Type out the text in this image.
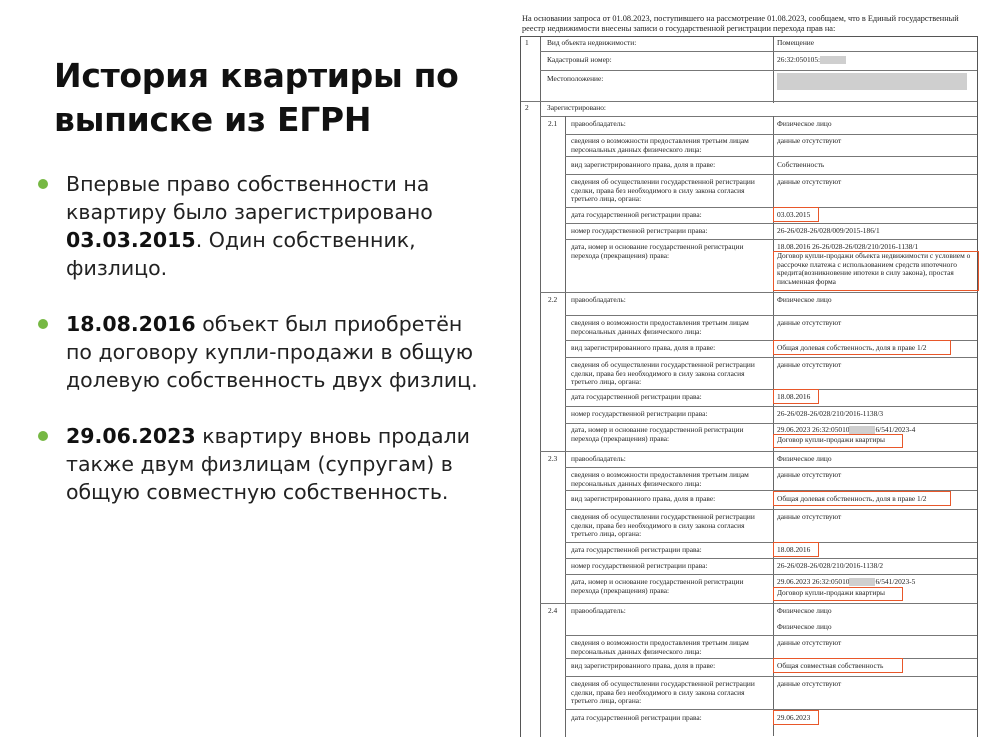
История квартиры по выписке из ЕГРН
Впервые право собственности на квартиру было зарегистрировано 03.03.2015. Один собственник, физлицо.
18.08.2016 объект был приобретён по договору купли-продажи в общую долевую собственность двух физлиц.
29.06.2023 квартиру вновь продали также двум физлицам (супругам) в общую совместную собственность.
На основании запроса от 01.08.2023, поступившего на рассмотрение 01.08.2023, сообщаем, что в Единый государственный реестр недвижимости внесены записи о государственной регистрации перехода прав на:
1 Вид объекта недвижимости:	Помещение
Кадастровый номер:	26:32:050105:
Местоположение:
2 Зарегистрировано:
2.1 правообладатель:	Физическое лицо
сведения о возможности предоставления третьим лицам персональных данных физического лица:
данные отсутствуют
вид зарегистрированного права, доля в праве:	Собственность
сведения об осуществлении государственной регистрации сделки, права без необходимого в силу закона согласия третьего лица, органа:
данные отсутствуют
дата государственной регистрации права:	03.03.2015
номер государственной регистрации права:	26-26/028-26/028/009/2015-186/1
дата, номер и основание государственной регистрации перехода (прекращения) права:
18.08.2016 26-26/028-26/028/210/2016-1138/1
Договор купли-продажи объекта недвижимости с условием о рассрочке платежа с использованием средств ипотечного кредита(возникновение ипотеки в силу закона), простая письменная форма
2.2 правообладатель:	Физическое лицо
сведения о возможности предоставления третьим лицам персональных данных физического лица:
данные отсутствуют
вид зарегистрированного права, доля в праве:	Общая долевая собственность, доля в праве 1/2
сведения об осуществлении государственной регистрации сделки, права без необходимого в силу закона согласия третьего лица, органа:
данные отсутствуют
дата государственной регистрации права:	18.08.2016
номер государственной регистрации права:	26-26/028-26/028/210/2016-1138/3
дата, номер и основание государственной регистрации перехода (прекращения) права:
29.06.2023 26:32:05010	6/541/2023-4
Договор купли-продажи квартиры
2.3 правообладатель:	Физическое лицо
сведения о возможности предоставления третьим лицам персональных данных физического лица:
данные отсутствуют
вид зарегистрированного права, доля в праве:	Общая долевая собственность, доля в праве 1/2
сведения об осуществлении государственной регистрации сделки, права без необходимого в силу закона согласия третьего лица, органа:
данные отсутствуют
дата государственной регистрации права:	18.08.2016
номер государственной регистрации права:	26-26/028-26/028/210/2016-1138/2
дата, номер и основание государственной регистрации перехода (прекращения) права:
29.06.2023 26:32:05010	6/541/2023-5
Договор купли-продажи квартиры
2.4 правообладатель:	Физическое лицо
Физическое лицо
сведения о возможности предоставления третьим лицам персональных данных физического лица:
данные отсутствуют
вид зарегистрированного права, доля в праве:	Общая совместная собственность
сведения об осуществлении государственной регистрации сделки, права без необходимого в силу закона согласия третьего лица, органа:
данные отсутствуют
дата государственной регистрации права:	29.06.2023
